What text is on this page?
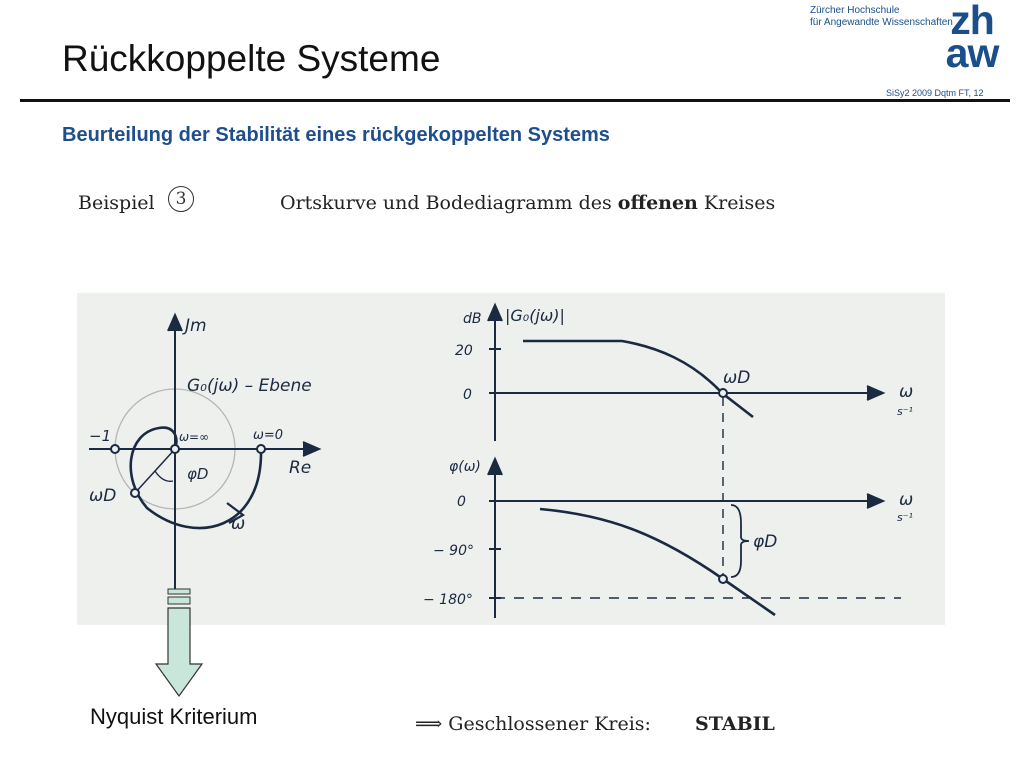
Rückkoppelte Systeme
Zürcher Hochschule
für Angewandte Wissenschaften
zh
aw
SiSy2 2009 Dqtm FT, 12
Beurteilung der Stabilität eines rückgekoppelten Systems
Beispiel	3	Ortskurve und Bodediagramm des offenen Kreises
Jm
G₀(jω) – Ebene
−1	ω=∞	ω=0
Re
φD
ωD
ω
dB |G₀(jω)|
20
0
ωD
ω
s⁻¹
φ(ω)
0
− 90°
− 180°
φD
ω
s⁻¹
Nyquist Kriterium	⟹ Geschlossener Kreis: STABIL
